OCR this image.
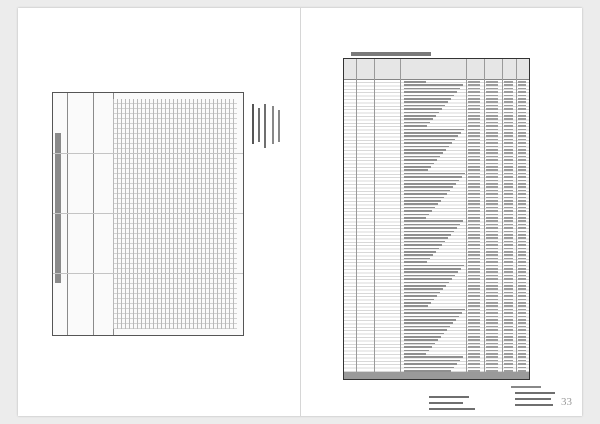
33
